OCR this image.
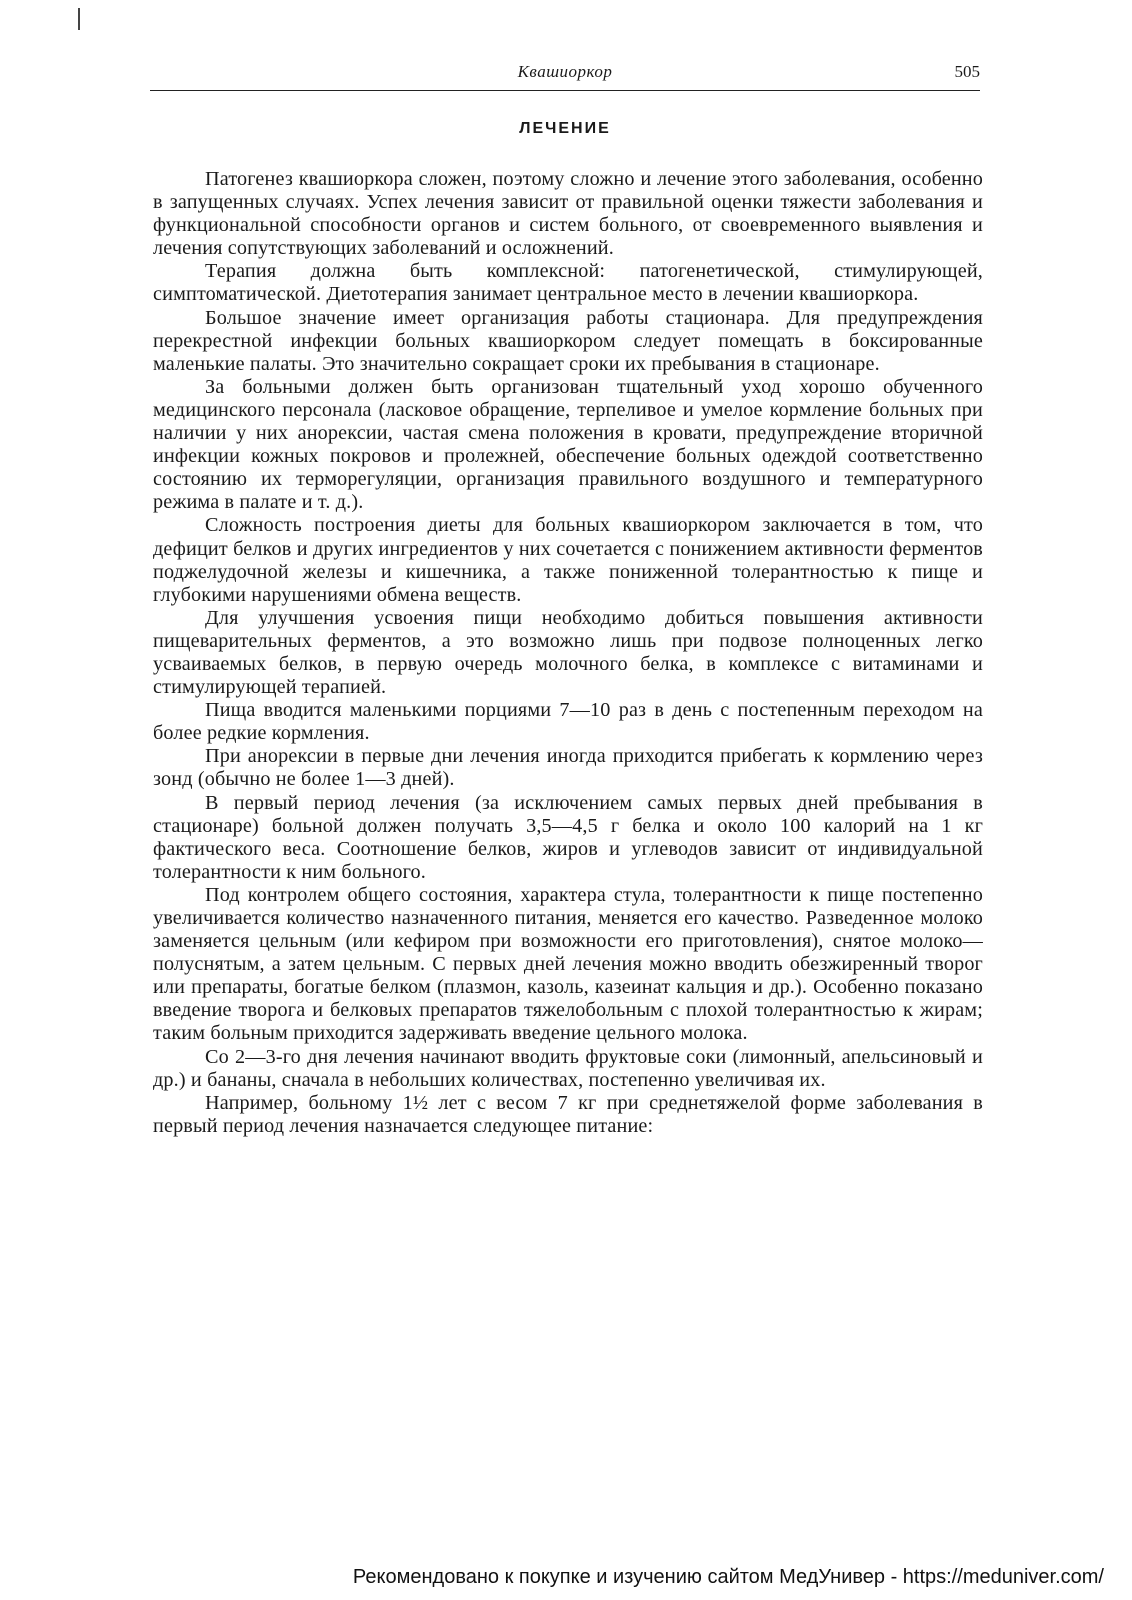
Квашиоркор	505
ЛЕЧЕНИЕ

Патогенез квашиоркора сложен, поэтому сложно и лечение этого заболевания, особенно в запущенных случаях. Успех лечения зависит от правильной оценки тяжести заболевания и функциональной способности органов и систем больного, от своевременного выявления и лечения сопутствующих заболеваний и осложнений.

Терапия должна быть комплексной: патогенетической, стимулирующей, симптоматической. Диетотерапия занимает центральное место в лечении квашиоркора.

Большое значение имеет организация работы стационара. Для предупреждения перекрестной инфекции больных квашиоркором следует помещать в боксированные маленькие палаты. Это значительно сокращает сроки их пребывания в стационаре.

За больными должен быть организован тщательный уход хорошо обученного медицинского персонала (ласковое обращение, терпеливое и умелое кормление больных при наличии у них анорексии, частая смена положения в кровати, предупреждение вторичной инфекции кожных покровов и пролежней, обеспечение больных одеждой соответственно состоянию их терморегуляции, организация правильного воздушного и температурного режима в палате и т. д.).

Сложность построения диеты для больных квашиоркором заключается в том, что дефицит белков и других ингредиентов у них сочетается с понижением активности ферментов поджелудочной железы и кишечника, а также пониженной толерантностью к пище и глубокими нарушениями обмена веществ.

Для улучшения усвоения пищи необходимо добиться повышения активности пищеварительных ферментов, а это возможно лишь при подвозе полноценных легко усваиваемых белков, в первую очередь молочного белка, в комплексе с витаминами и стимулирующей терапией.

Пища вводится маленькими порциями 7—10 раз в день с постепенным переходом на более редкие кормления.

При анорексии в первые дни лечения иногда приходится прибегать к кормлению через зонд (обычно не более 1—3 дней).

В первый период лечения (за исключением самых первых дней пребывания в стационаре) больной должен получать 3,5—4,5 г белка и около 100 калорий на 1 кг фактического веса. Соотношение белков, жиров и углеводов зависит от индивидуальной толерантности к ним больного.

Под контролем общего состояния, характера стула, толерантности к пище постепенно увеличивается количество назначенного питания, меняется его качество. Разведенное молоко заменяется цельным (или кефиром при возможности его приготовления), снятое молоко—полуснятым, а затем цельным. С первых дней лечения можно вводить обезжиренный творог или препараты, богатые белком (плазмон, казоль, казеинат кальция и др.). Особенно показано введение творога и белковых препаратов тяжелобольным с плохой толерантностью к жирам; таким больным приходится задерживать введение цельного молока.

Со 2—3-го дня лечения начинают вводить фруктовые соки (лимонный, апельсиновый и др.) и бананы, сначала в небольших количествах, постепенно увеличивая их.

Например, больному 1½ лет с весом 7 кг при среднетяжелой форме заболевания в первый период лечения назначается следующее питание:

Рекомендовано к покупке и изучению сайтом МедУнивер - https://meduniver.com/
